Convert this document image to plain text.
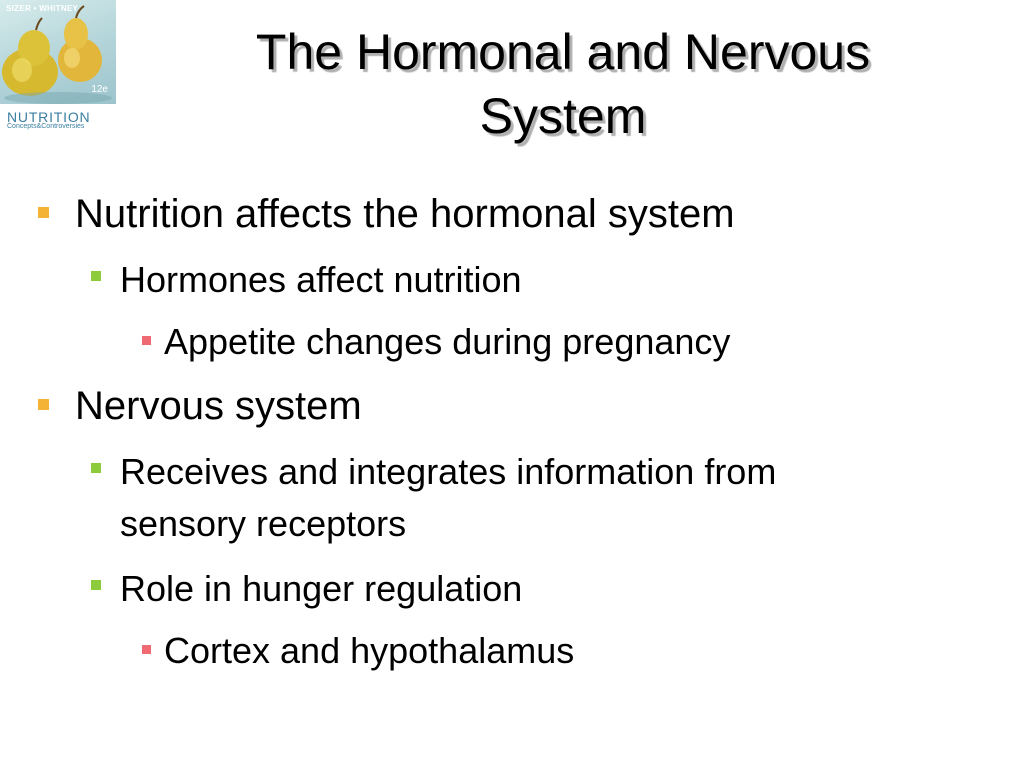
SIZER • WHITNEY
12e
NUTRITION
Concepts&Controversies
The Hormonal and Nervous System
Nutrition affects the hormonal system
Hormones affect nutrition
Appetite changes during pregnancy
Nervous system
Receives and integrates information from
sensory receptors
Role in hunger regulation
Cortex and hypothalamus
